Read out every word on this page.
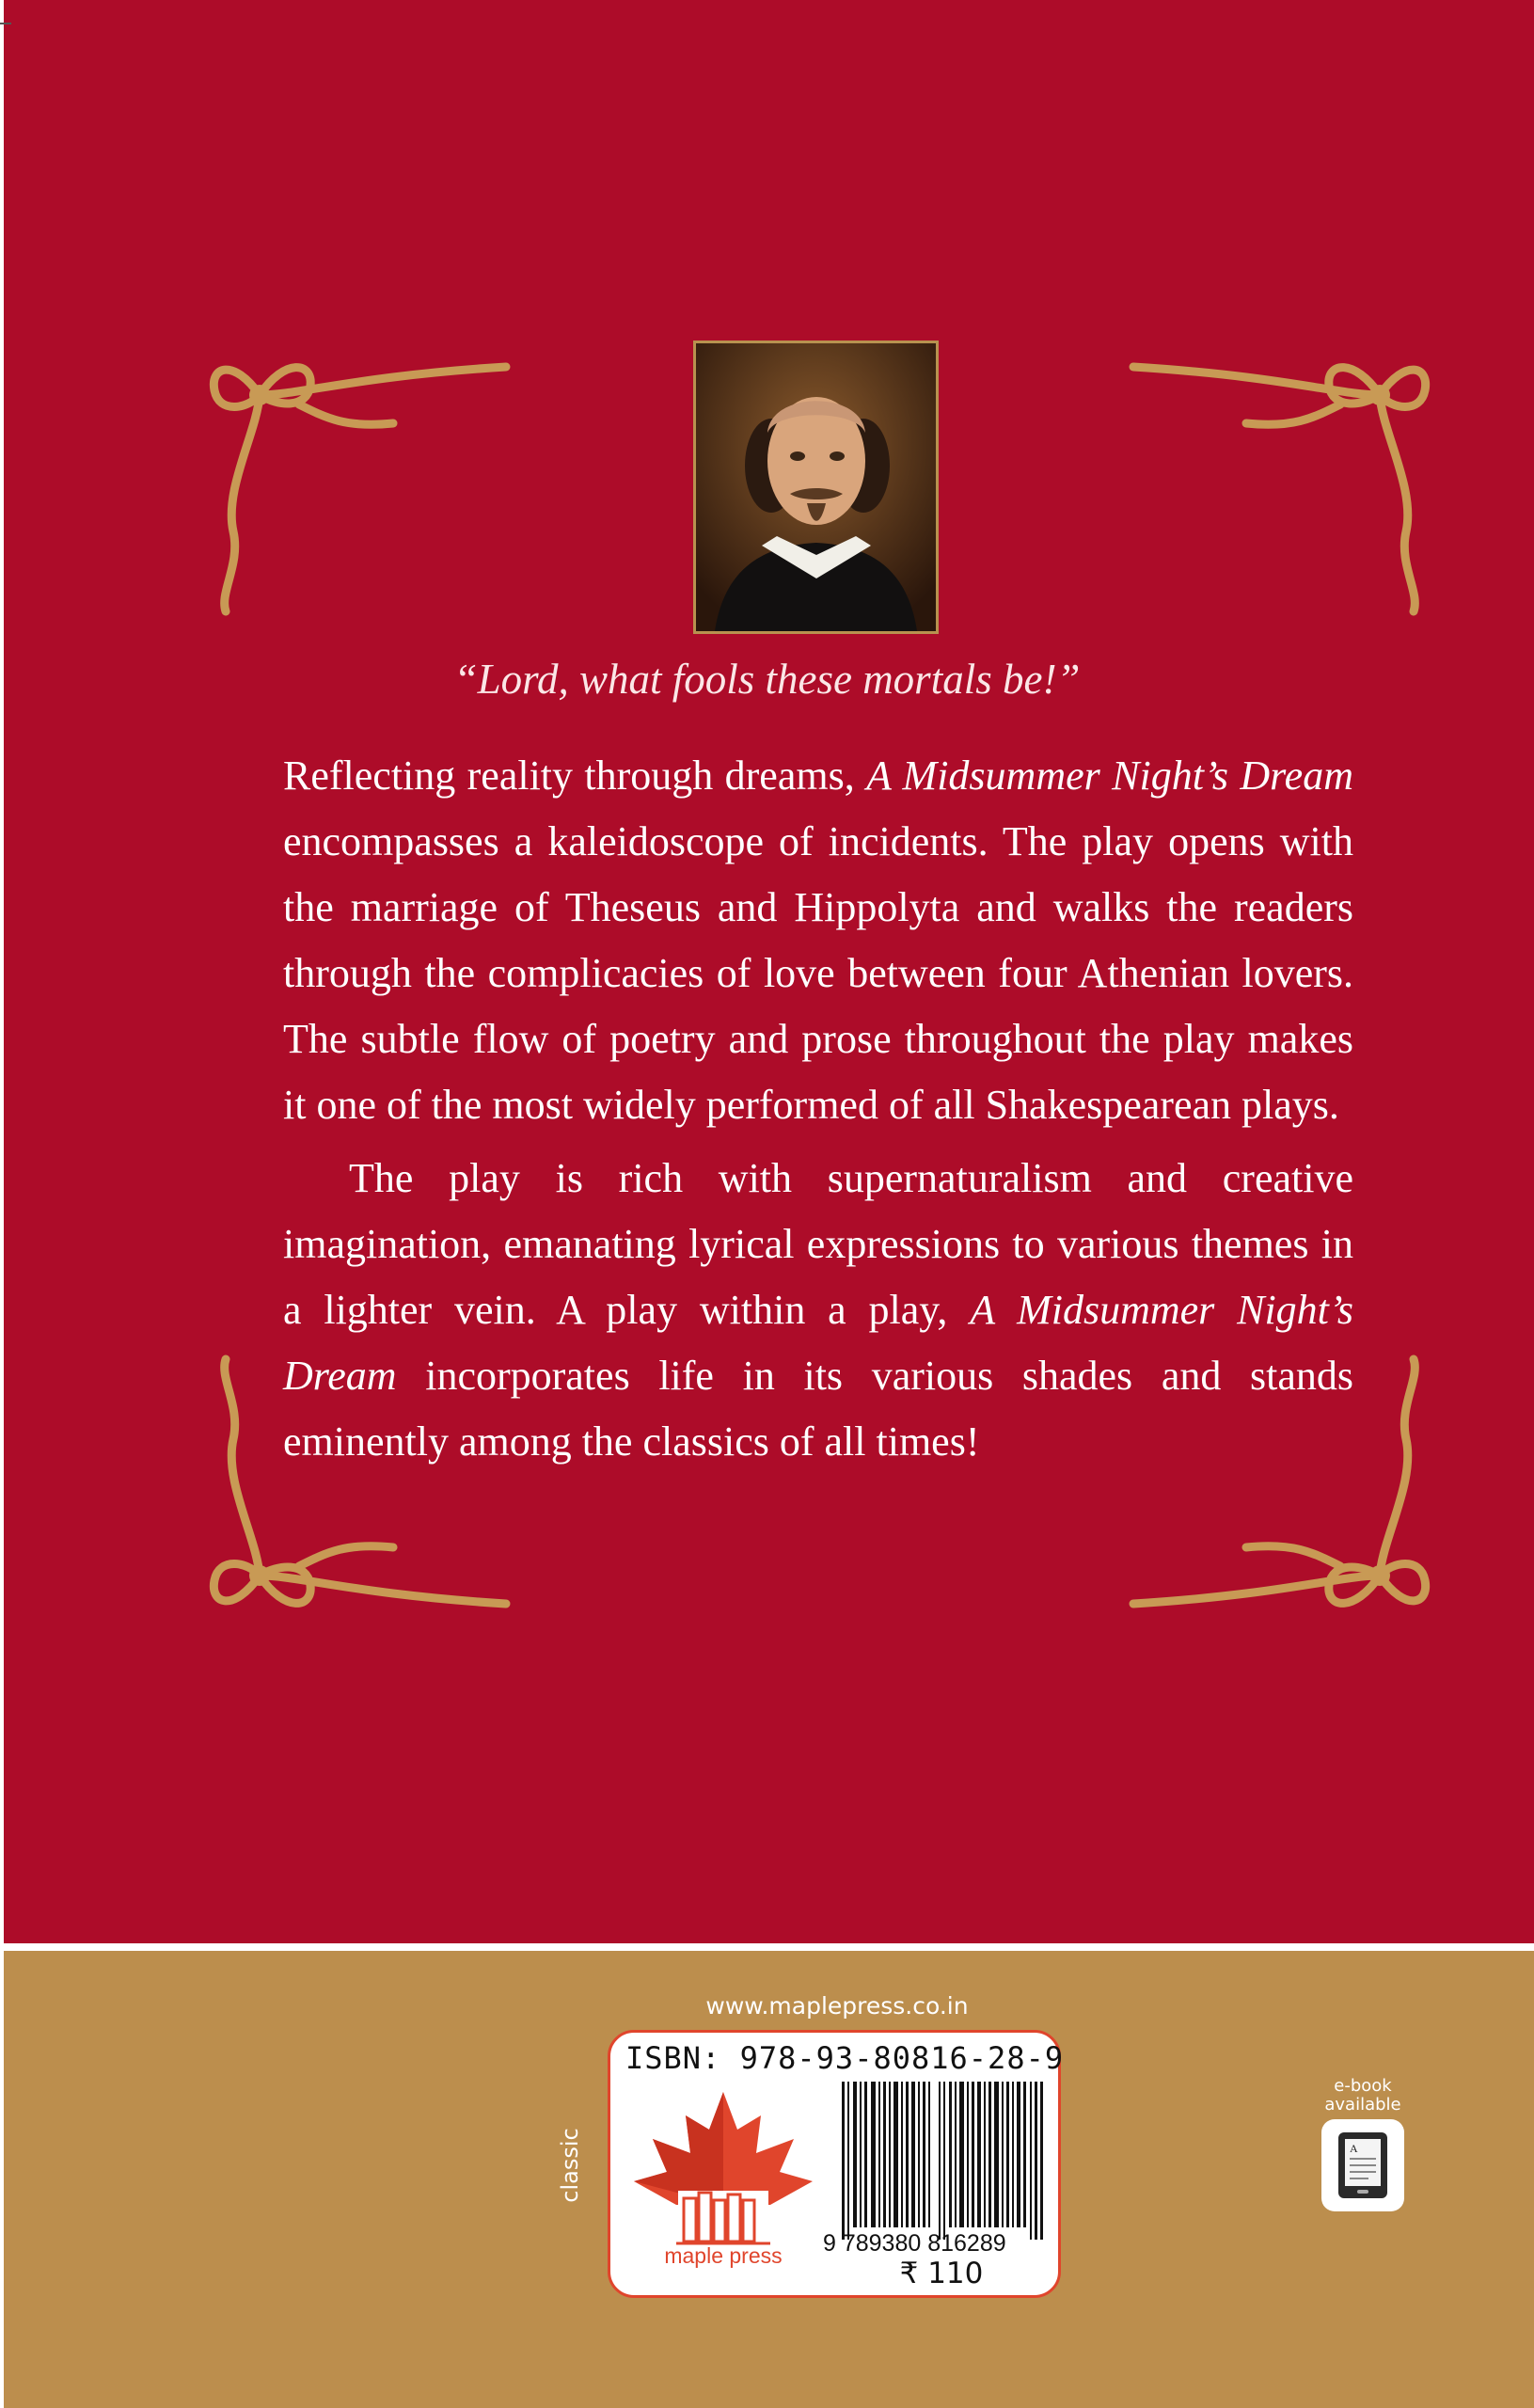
“Lord, what fools these mortals be!”

Reflecting reality through dreams, A Midsummer Night’s Dream encompasses a kaleidoscope of incidents. The play opens with the marriage of Theseus and Hippolyta and walks the readers through the complicacies of love between four Athenian lovers. The subtle flow of poetry and prose throughout the play makes it one of the most widely performed of all Shakespearean plays.

The play is rich with supernaturalism and creative imagination, emanating lyrical expressions to various themes in a lighter vein. A play within a play, A Midsummer Night’s Dream incorporates life in its various shades and stands eminently among the classics of all times!

www.maplepress.co.in
classic
ISBN: 978-93-80816-28-9
maple press	9 789380 816289
₹ 110
e-book
available
A
